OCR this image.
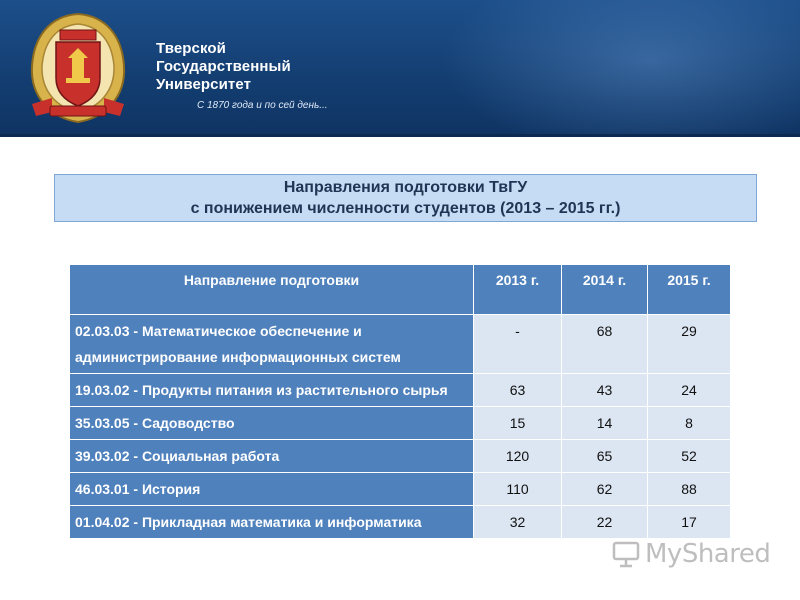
Тверской
Государственный
Университет
С 1870 года и по сей день...
Направления подготовки ТвГУ
с понижением численности студентов (2013 – 2015 гг.)
Направление подготовки	2013 г.	2014 г.	2015 г.
02.03.03 - Математическое обеспечение и администрирование информационных систем	-	68	29
19.03.02 - Продукты питания из растительного сырья	63	43	24
35.03.05 - Садоводство	15	14	8
39.03.02 - Социальная работа	120	65	52
46.03.01 - История	110	62	88
01.04.02 - Прикладная математика и информатика	32	22	17
MyShared
